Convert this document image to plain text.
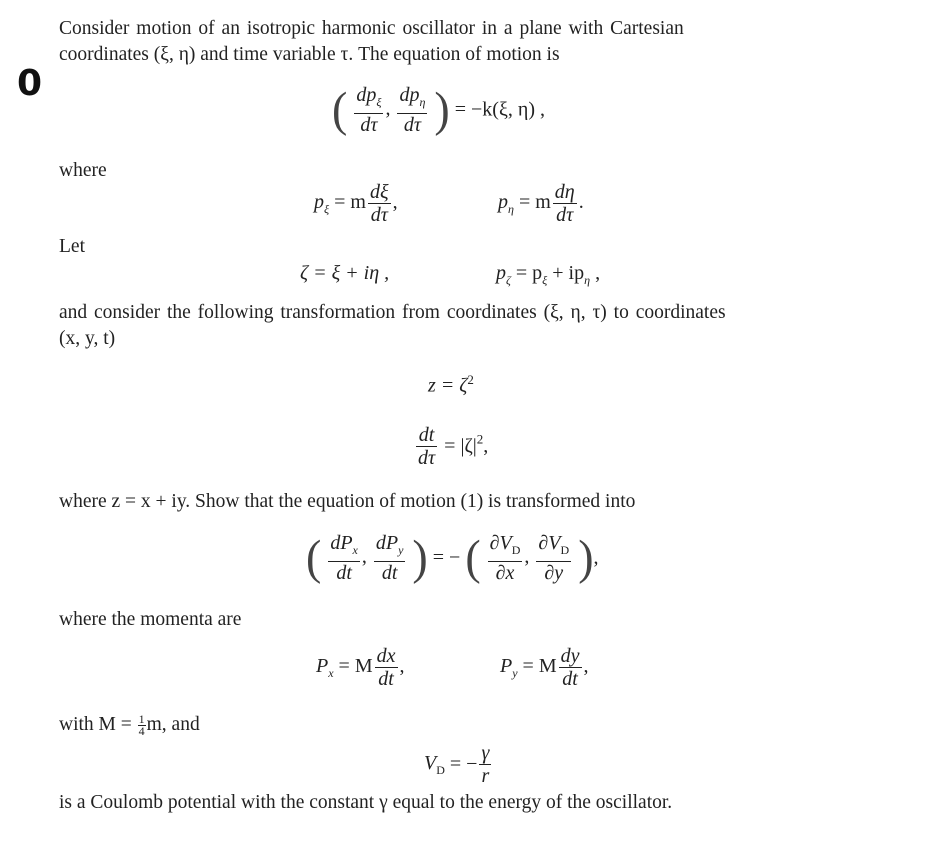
0
Consider motion of an isotropic harmonic oscillator in a plane with Cartesian
coordinates (ξ, η) and time variable τ. The equation of motion is
( $\frac{dp_\xi}{d\tau}$ , $\frac{dp_\eta}{d\tau}$ ) = −k(ξ, η) ,
where
$p_\xi = m \frac{d\xi}{d\tau}$ ,	$p_\eta = m \frac{d\eta}{d\tau}$ .
Let
ζ = ξ + iη ,	$p_\zeta = p_\xi + ip_\eta$ ,
and consider the following transformation from coordinates (ξ, η, τ) to coordinates
(x, y, t)
$z = \zeta^2$
$\frac{dt}{d\tau} = |\zeta|^2$,
where z = x + iy. Show that the equation of motion (1) is transformed into
( $\frac{dP_x}{dt}$ , $\frac{dP_y}{dt}$ ) = − ( $\frac{\partial V_D}{\partial x}$ , $\frac{\partial V_D}{\partial y}$ ),
where the momenta are
$P_x = M \frac{dx}{dt}$ ,	$P_y = M \frac{dy}{dt}$ ,
with $M = \frac{1}{4} m$, and
$V_D$ = − $\frac{\gamma}{r}$
is a Coulomb potential with the constant γ equal to the energy of the oscillator.
